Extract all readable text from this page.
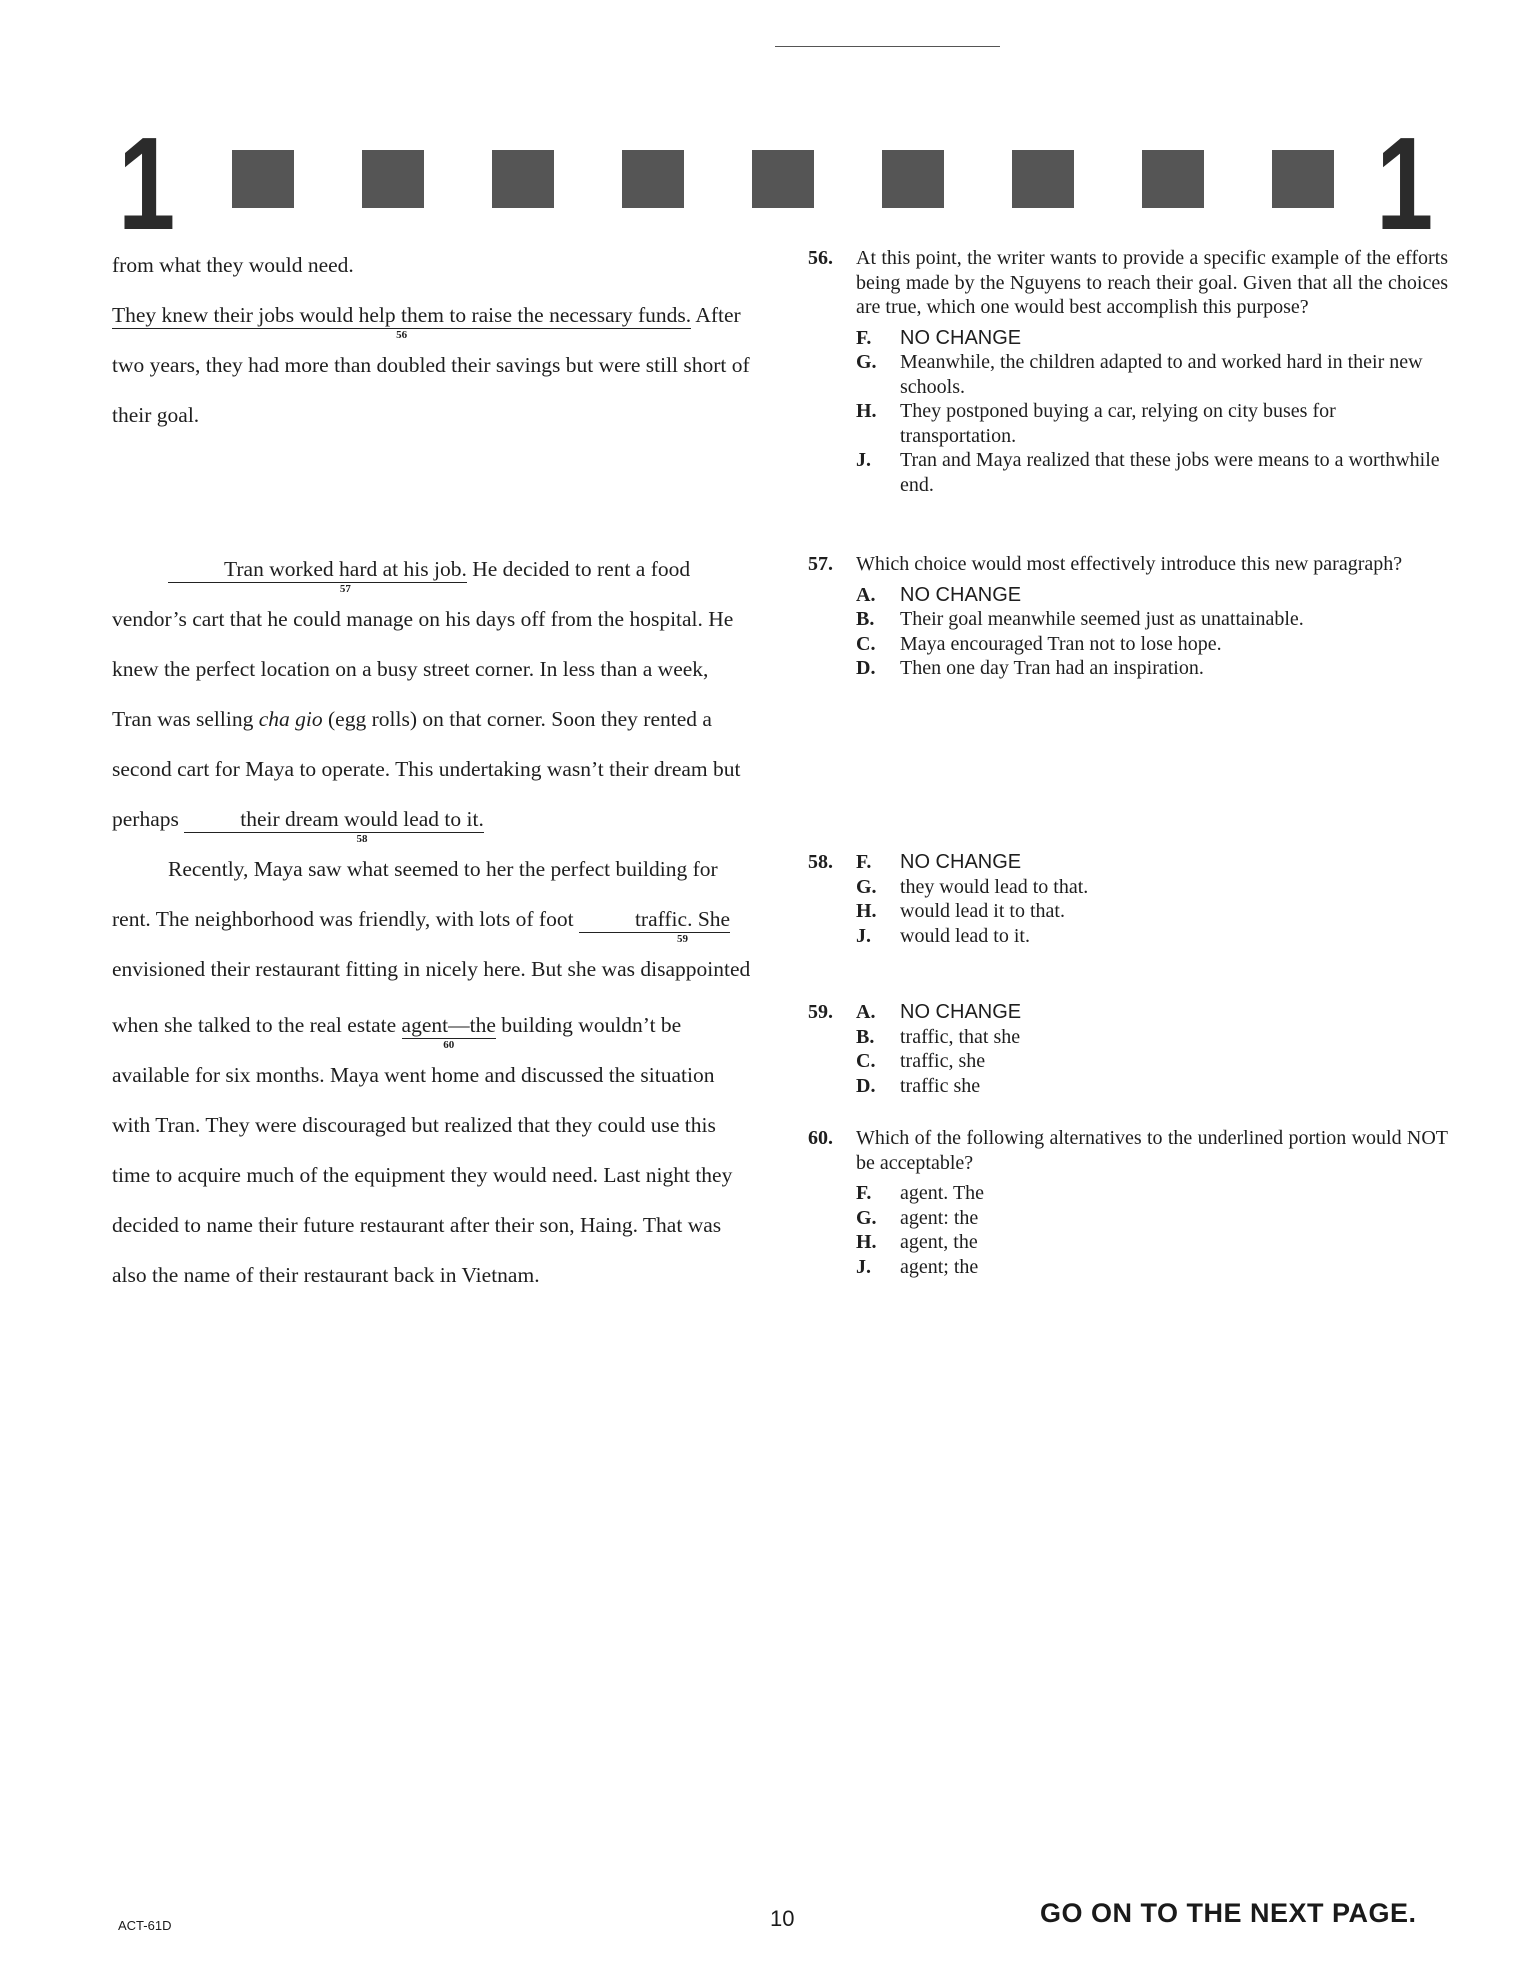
1	1

from what they would need. They knew their jobs would help them to raise the necessary funds.
56
After two years, they had more than doubled their savings but were still short of their goal.

Tran worked hard at his job.
57
He decided to rent a food vendor’s cart that he could manage on his days off from the hospital. He knew the perfect location on a busy street corner. In less than a week, Tran was selling cha gio (egg rolls) on that corner. Soon they rented a second cart for Maya to operate. This undertaking wasn’t their dream but perhaps	their dream would lead to it.
58

Recently, Maya saw what seemed to her the perfect building for rent. The neighborhood was friendly, with lots of foot	traffic. She
59
envisioned their restaurant fitting in nicely here. But she was disappointed

when she talked to the real estate agent—the
60
building wouldn’t be available for six months. Maya went home and discussed the situation with Tran. They were discouraged but realized that they could use this time to acquire much of the equipment they would need. Last night they decided to name their future restaurant after their son, Haing. That was also the name of their restaurant back in Vietnam.

56. At this point, the writer wants to provide a specific example of the efforts being made by the Nguyens to reach their goal. Given that all the choices are true, which one would best accomplish this purpose?
F.	NO CHANGE
G.	Meanwhile, the children adapted to and worked hard in their new schools.
H.	They postponed buying a car, relying on city buses for transportation.
J.	Tran and Maya realized that these jobs were means to a worthwhile end.
57. Which choice would most effectively introduce this new paragraph?
A.	NO CHANGE
B.	Their goal meanwhile seemed just as unattainable.
C.	Maya encouraged Tran not to lose hope.
D.	Then one day Tran had an inspiration.
58. F.	NO CHANGE
G.	they would lead to that.
H.	would lead it to that.
J.	would lead to it.
59. A.	NO CHANGE
B.	traffic, that she
C.	traffic, she
D.	traffic she
60. Which of the following alternatives to the underlined portion would NOT be acceptable?
F.	agent. The
G.	agent: the
H.	agent, the
J.	agent; the
ACT-61D	10	GO ON TO THE NEXT PAGE.
